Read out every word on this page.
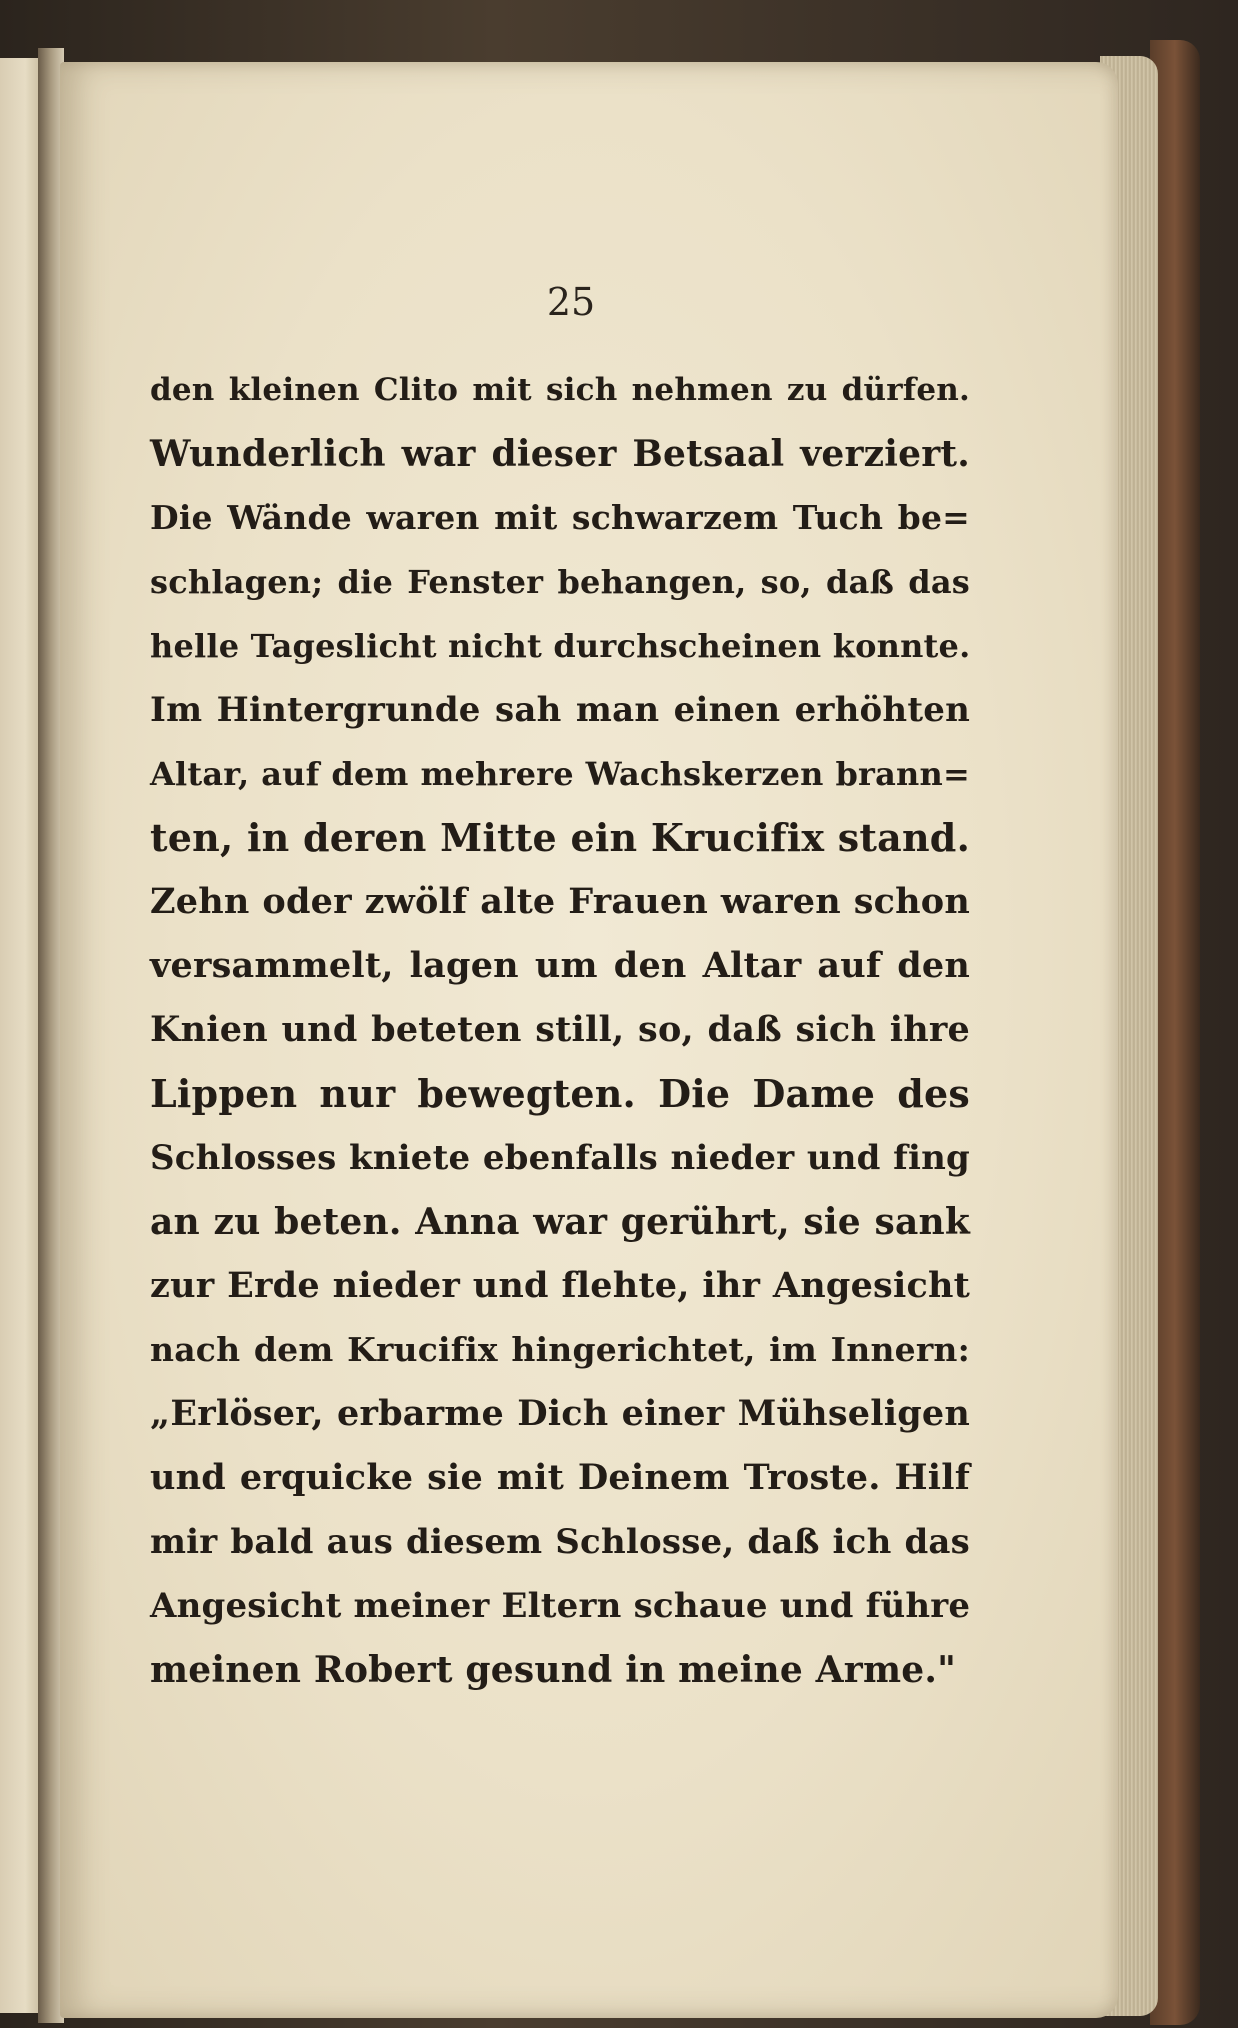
25
den kleinen Clito mit sich nehmen zu dürfen.
Wunderlich war dieser Betsaal verziert.
Die Wände waren mit schwarzem Tuch be=
schlagen; die Fenster behangen, so, daß das
helle Tageslicht nicht durchscheinen konnte.
Im Hintergrunde sah man einen erhöhten
Altar, auf dem mehrere Wachskerzen brann=
ten, in deren Mitte ein Krucifix stand.
Zehn oder zwölf alte Frauen waren schon
versammelt, lagen um den Altar auf den
Knien und beteten still, so, daß sich ihre
Lippen nur bewegten. Die Dame des
Schlosses kniete ebenfalls nieder und fing
an zu beten. Anna war gerührt, sie sank
zur Erde nieder und flehte, ihr Angesicht
nach dem Krucifix hingerichtet, im Innern:
„Erlöser, erbarme Dich einer Mühseligen
und erquicke sie mit Deinem Troste. Hilf
mir bald aus diesem Schlosse, daß ich das
Angesicht meiner Eltern schaue und führe
meinen Robert gesund in meine Arme."
